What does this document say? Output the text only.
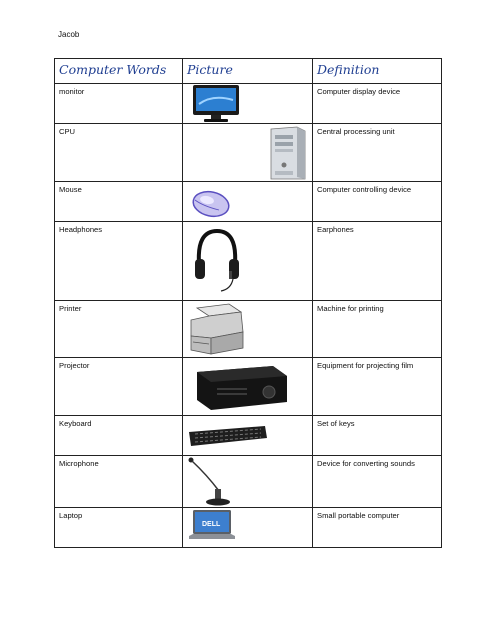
Jacob
Computer Words	Picture	Definition
monitor		Computer display device
CPU		Central processing unit
Mouse		Computer controlling device
Headphones		Earphones
Printer		Machine for printing
Projector		Equipment for projecting film
Keyboard		Set of keys
Microphone		Device for converting sounds
Laptop	DELL	Small portable computer
